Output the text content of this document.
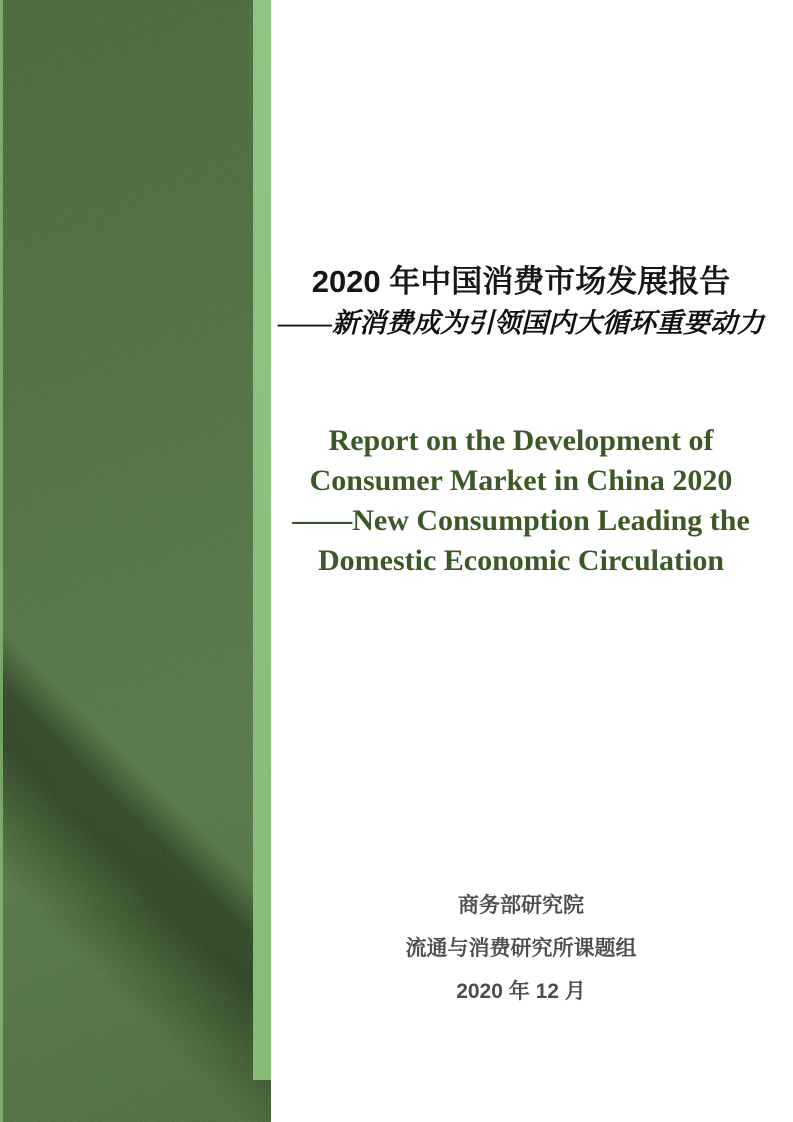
2020 年中国消费市场发展报告
——新消费成为引领国内大循环重要动力
Report on the Development of
Consumer Market in China 2020
——New Consumption Leading the
Domestic Economic Circulation
商务部研究院
流通与消费研究所课题组
2020 年 12 月
